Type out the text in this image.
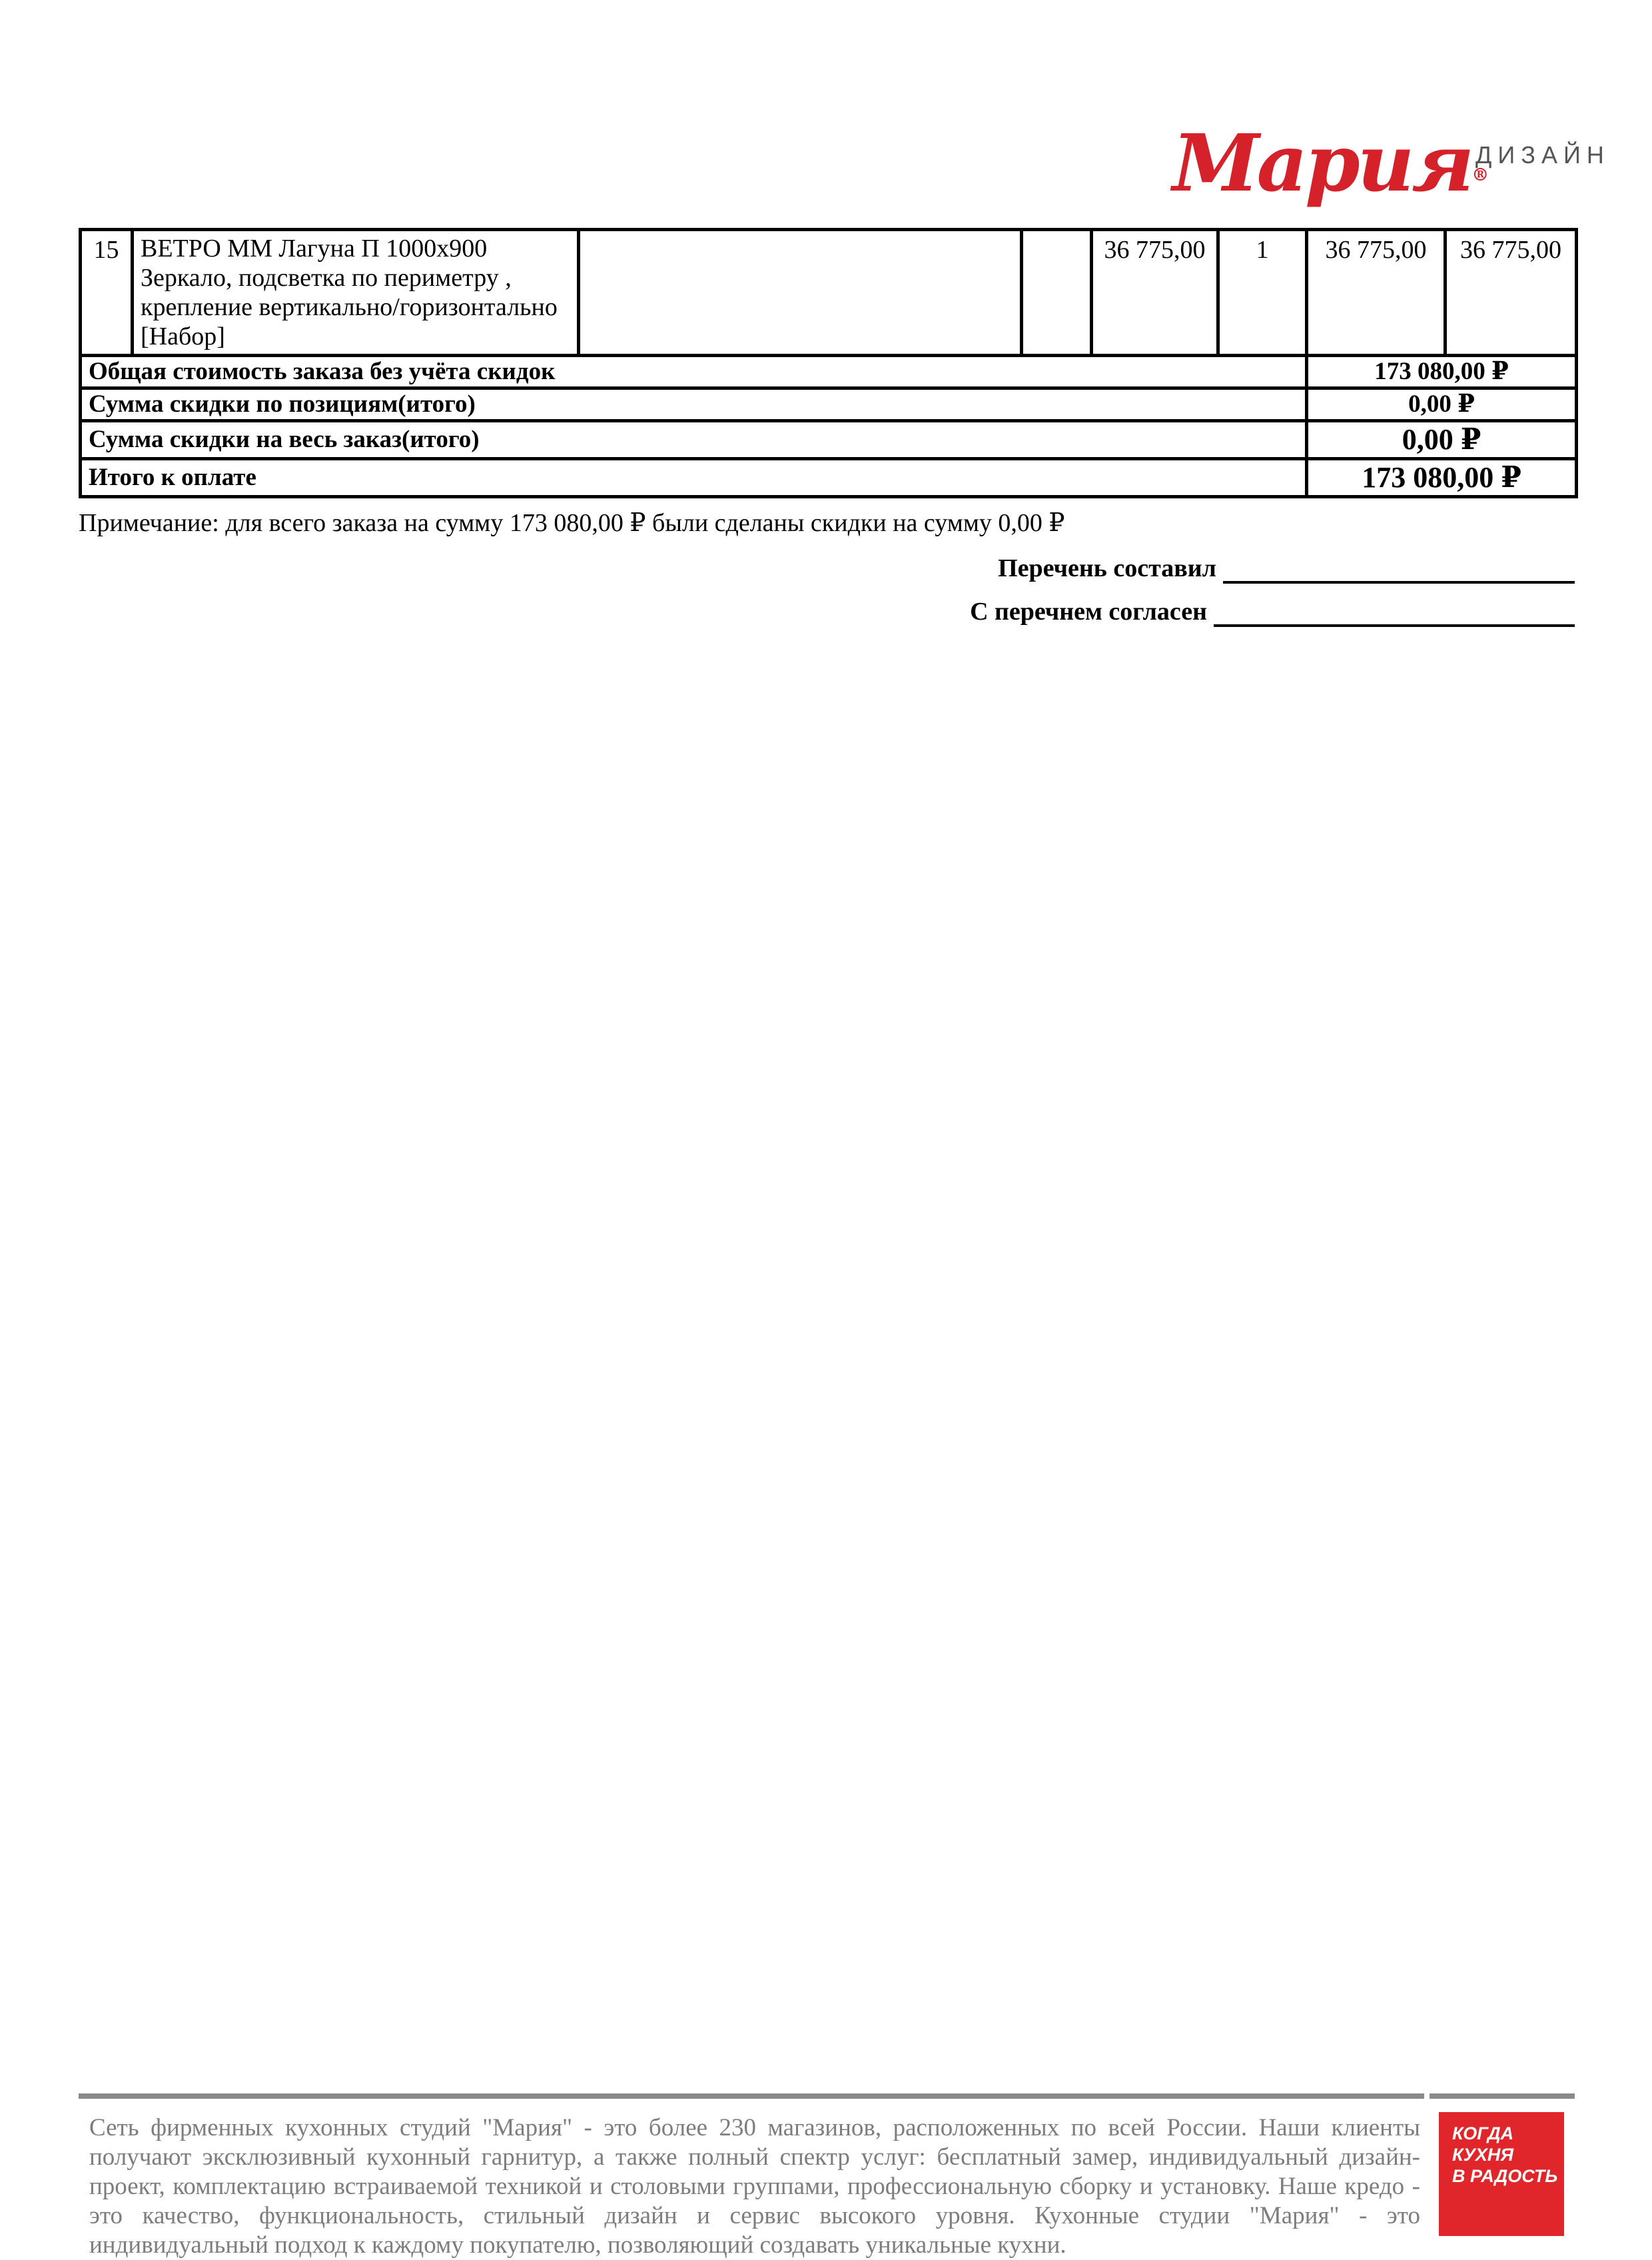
Мария®
ДИЗАЙН
15	ВЕТРО ММ Лагуна П 1000х900
Зеркало, подсветка по периметру ,
крепление вертикально/горизонтально
[Набор]			36 775,00	1	36 775,00	36 775,00
Общая стоимость заказа без учёта скидок						173 080,00 ₽	
Сумма скидки по позициям(итого)						0,00 ₽	
Сумма скидки на весь заказ(итого)						0,00 ₽	
Итого к оплате						173 080,00 ₽	
Примечание: для всего заказа на сумму 173 080,00 ₽ были сделаны скидки на сумму 0,00 ₽
Перечень составил
С перечнем согласен
Сеть фирменных кухонных студий "Мария" - это более 230 магазинов, расположенных по всей России. Наши клиенты получают эксклюзивный кухонный гарнитур, а также полный спектр услуг: бесплатный замер, индивидуальный дизайн-проект, комплектацию встраиваемой техникой и столовыми группами, профессиональную сборку и установку. Наше кредо - это качество, функциональность, стильный дизайн и сервис высокого уровня. Кухонные студии "Мария" - это индивидуальный подход к каждому покупателю, позволяющий создавать уникальные кухни.
КОГДА
КУХНЯ
В РАДОСТЬ
